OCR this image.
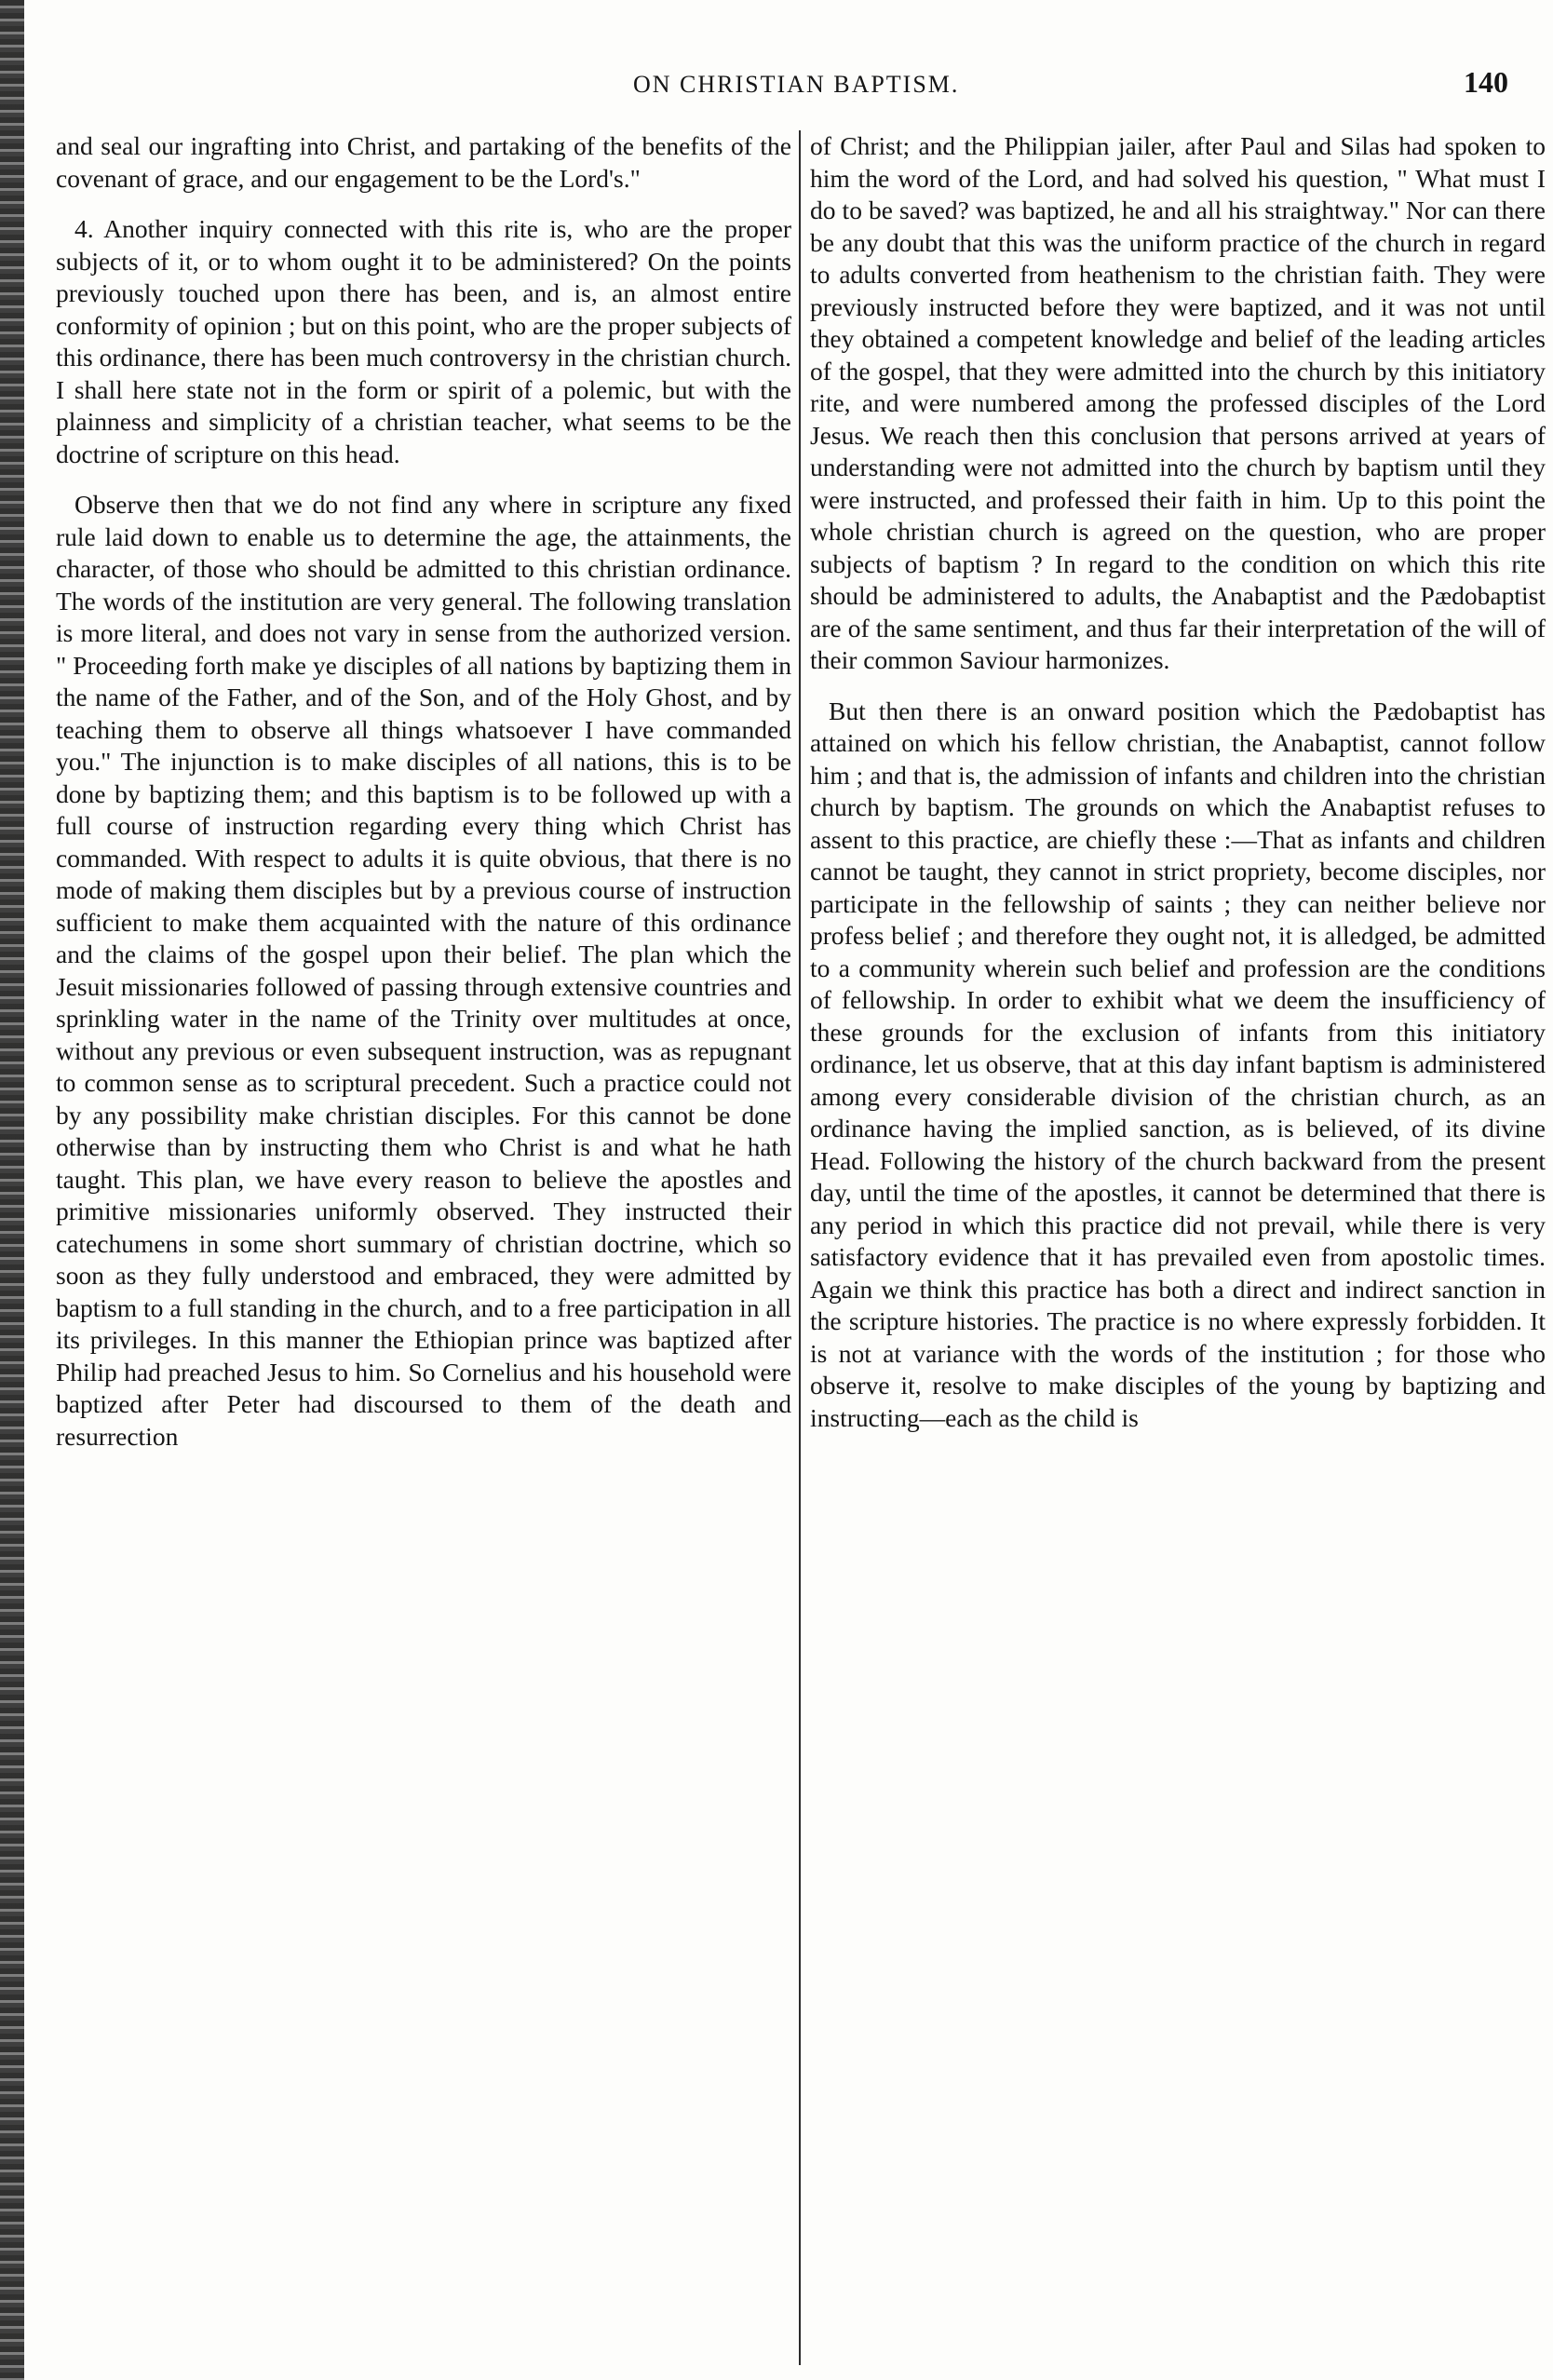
ON CHRISTIAN BAPTISM.	140

and seal our ingrafting into Christ, and partaking of the benefits of the covenant of grace, and our engagement to be the Lord's."

4. Another inquiry connected with this rite is, who are the proper subjects of it, or to whom ought it to be administered? On the points previously touched upon there has been, and is, an almost entire conformity of opinion ; but on this point, who are the proper subjects of this ordinance, there has been much controversy in the christian church. I shall here state not in the form or spirit of a polemic, but with the plainness and simplicity of a christian teacher, what seems to be the doctrine of scripture on this head.

Observe then that we do not find any where in scripture any fixed rule laid down to enable us to determine the age, the attainments, the character, of those who should be admitted to this christian ordinance. The words of the institution are very general. The following translation is more literal, and does not vary in sense from the authorized version. " Proceeding forth make ye disciples of all nations by baptizing them in the name of the Father, and of the Son, and of the Holy Ghost, and by teaching them to observe all things whatsoever I have commanded you." The injunction is to make disciples of all nations, this is to be done by baptizing them; and this baptism is to be followed up with a full course of instruction regarding every thing which Christ has commanded. With respect to adults it is quite obvious, that there is no mode of making them disciples but by a previous course of instruction sufficient to make them acquainted with the nature of this ordinance and the claims of the gospel upon their belief. The plan which the Jesuit missionaries followed of passing through extensive countries and sprinkling water in the name of the Trinity over multitudes at once, without any previous or even subsequent instruction, was as repugnant to common sense as to scriptural precedent. Such a practice could not by any possibility make christian disciples. For this cannot be done otherwise than by instructing them who Christ is and what he hath taught. This plan, we have every reason to believe the apostles and primitive missionaries uniformly observed. They instructed their catechumens in some short summary of christian doctrine, which so soon as they fully understood and embraced, they were admitted by baptism to a full standing in the church, and to a free participation in all its privileges. In this manner the Ethiopian prince was baptized after Philip had preached Jesus to him. So Cornelius and his household were baptized after Peter had discoursed to them of the death and resurrection

of Christ; and the Philippian jailer, after Paul and Silas had spoken to him the word of the Lord, and had solved his question, " What must I do to be saved? was baptized, he and all his straightway." Nor can there be any doubt that this was the uniform practice of the church in regard to adults converted from heathenism to the christian faith. They were previously instructed before they were baptized, and it was not until they obtained a competent knowledge and belief of the leading articles of the gospel, that they were admitted into the church by this initiatory rite, and were numbered among the professed disciples of the Lord Jesus. We reach then this conclusion that persons arrived at years of understanding were not admitted into the church by baptism until they were instructed, and professed their faith in him. Up to this point the whole christian church is agreed on the question, who are proper subjects of baptism ? In regard to the condition on which this rite should be administered to adults, the Anabaptist and the Pædobaptist are of the same sentiment, and thus far their interpretation of the will of their common Saviour harmonizes.

But then there is an onward position which the Pædobaptist has attained on which his fellow christian, the Anabaptist, cannot follow him ; and that is, the admission of infants and children into the christian church by baptism. The grounds on which the Anabaptist refuses to assent to this practice, are chiefly these :—That as infants and children cannot be taught, they cannot in strict propriety, become disciples, nor participate in the fellowship of saints ; they can neither believe nor profess belief ; and therefore they ought not, it is alledged, be admitted to a community wherein such belief and profession are the conditions of fellowship. In order to exhibit what we deem the insufficiency of these grounds for the exclusion of infants from this initiatory ordinance, let us observe, that at this day infant baptism is administered among every considerable division of the christian church, as an ordinance having the implied sanction, as is believed, of its divine Head. Following the history of the church backward from the present day, until the time of the apostles, it cannot be determined that there is any period in which this practice did not prevail, while there is very satisfactory evidence that it has prevailed even from apostolic times. Again we think this practice has both a direct and indirect sanction in the scripture histories. The practice is no where expressly forbidden. It is not at variance with the words of the institution ; for those who observe it, resolve to make disciples of the young by baptizing and instructing—each as the child is
